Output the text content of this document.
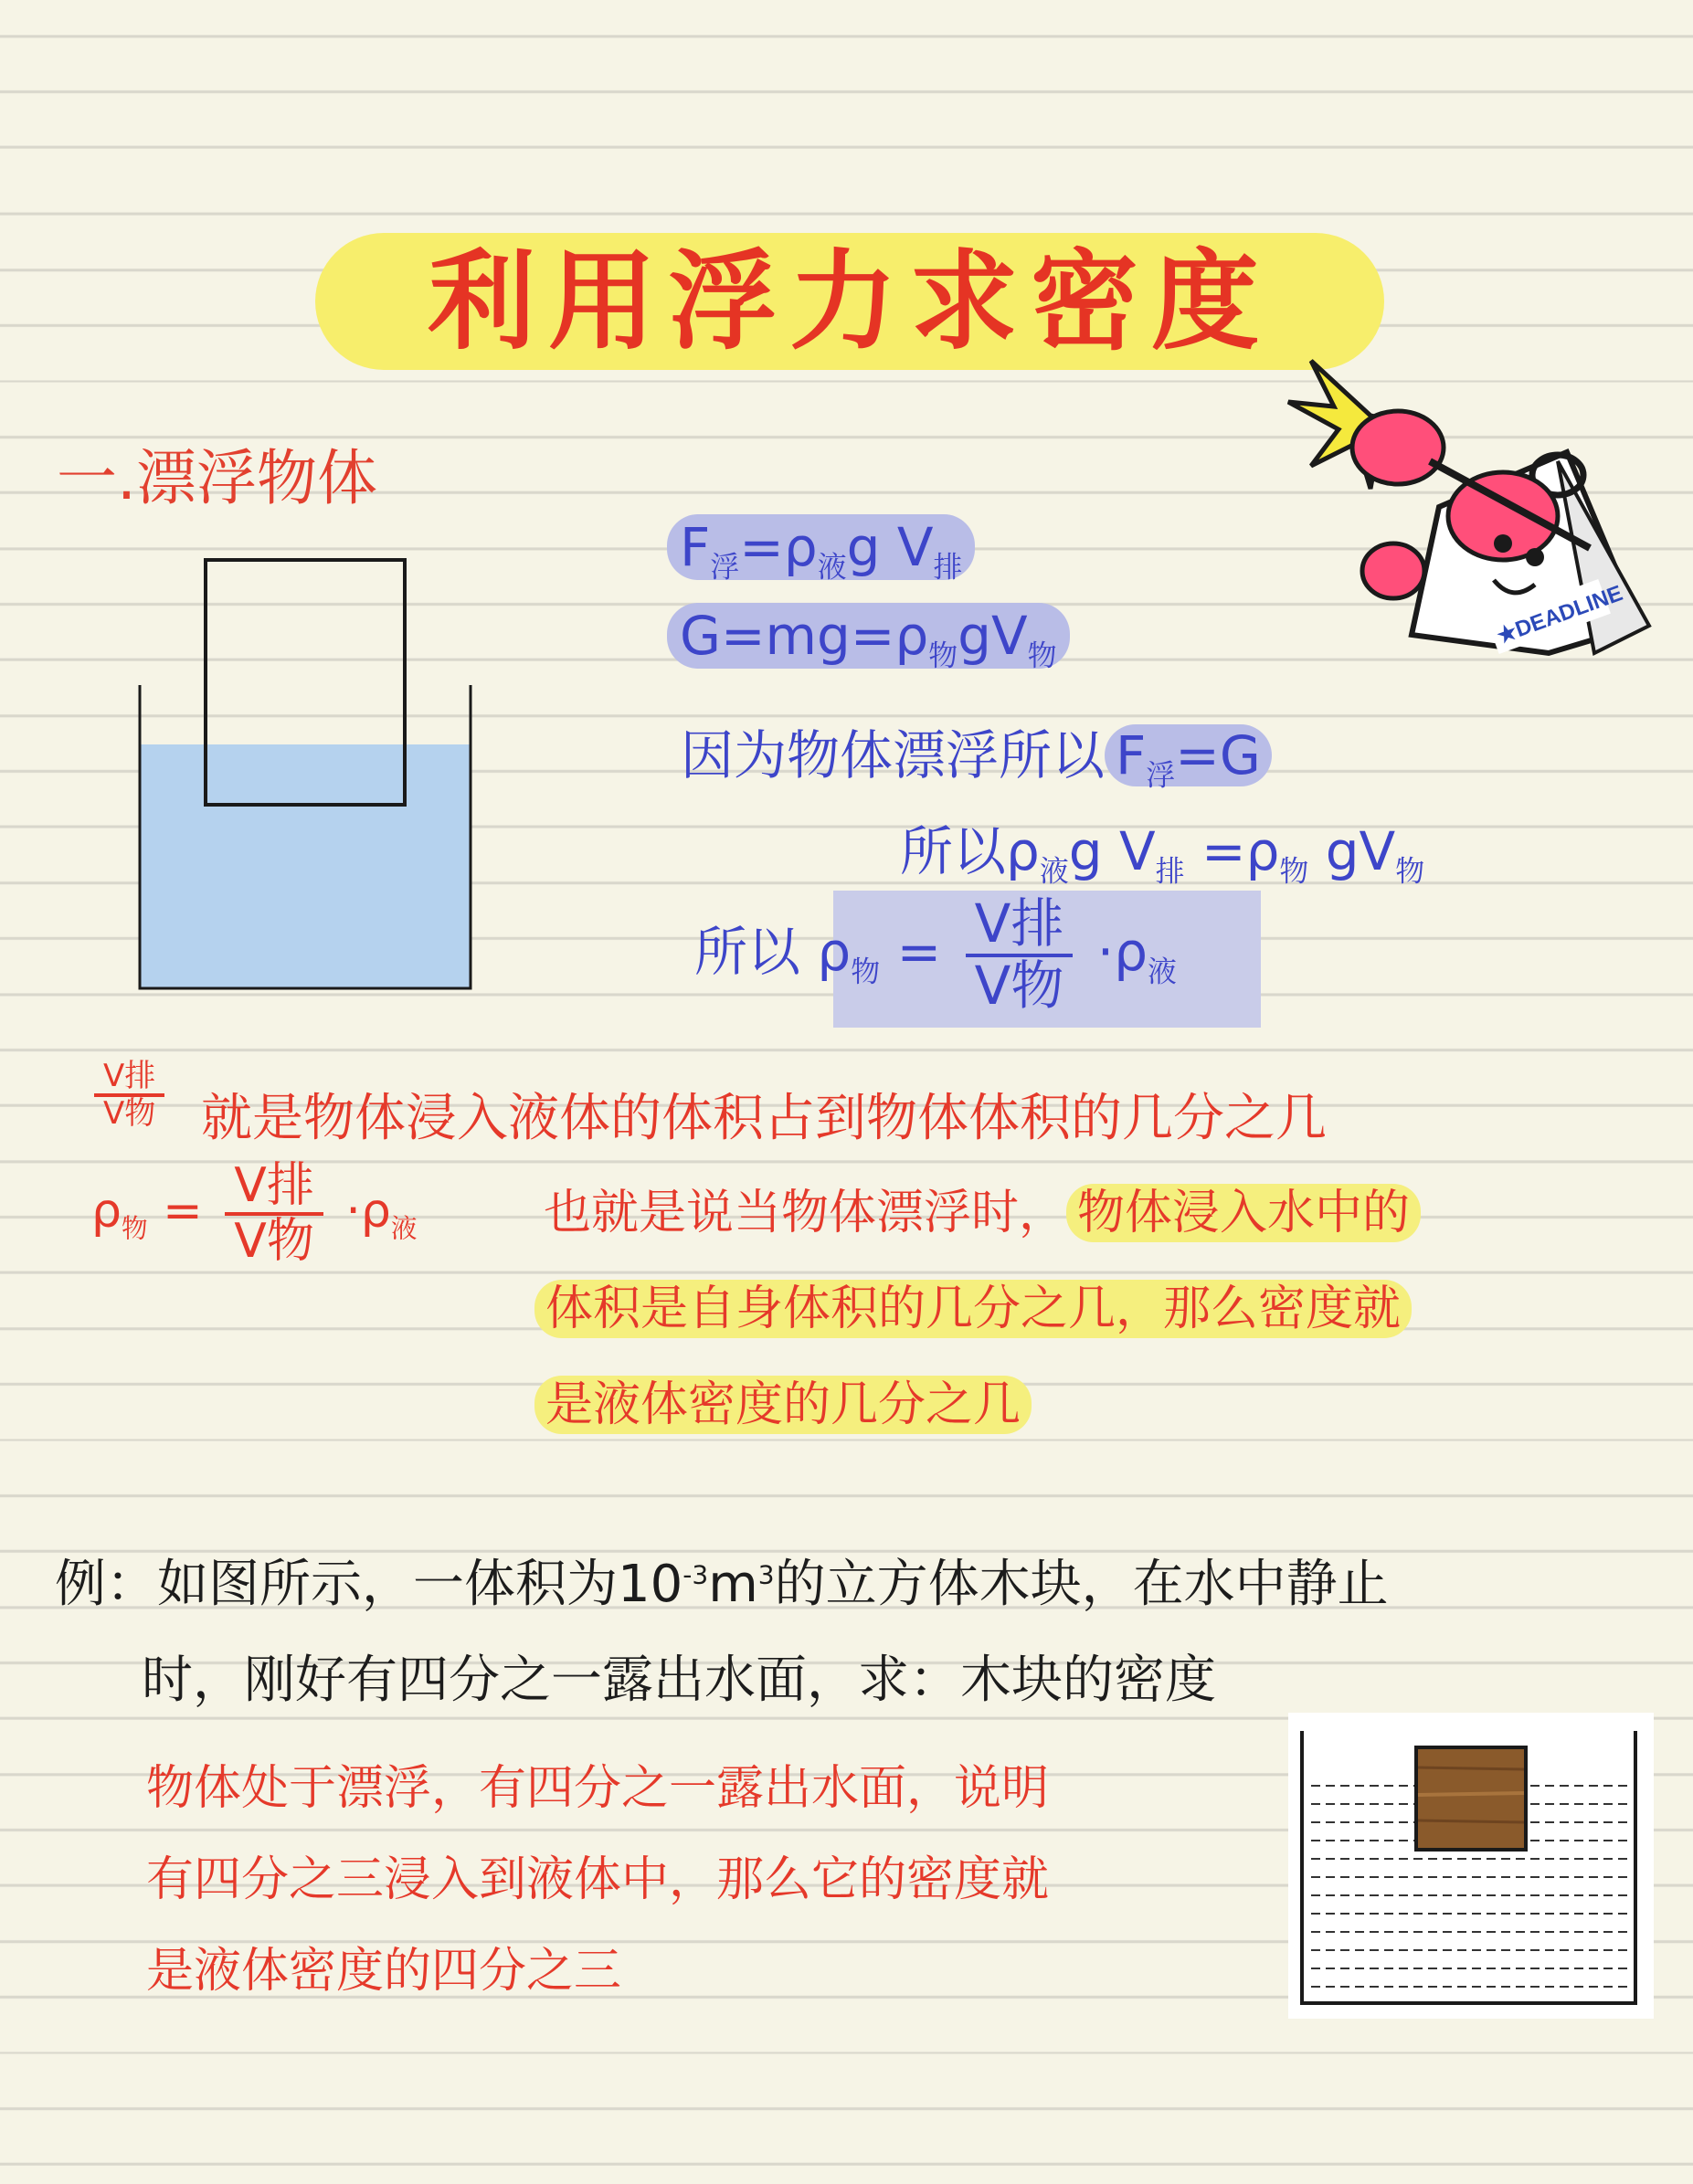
利用浮力求密度
一.漂浮物体
★DEADLINE
$F_浮=\rho_液g$ $V_排$
$G=mg=\rho_物gV_物$
因为物体漂浮所以 $F_浮=G$
所以$\rho_液g$ $V_排 =\rho_物$ $gV_物$
所以 $\rho_物 = \frac{\text{V排}}{\text{V物}} \cdot\rho_液$
$\frac{\text{V排}}{\text{V物}}$ 就是物体浸入液体的体积占到物体体积的几分之几
$\rho_物 = \frac{\text{V排}}{\text{V物}} \cdot\rho_液$	也就是说当物体漂浮时， 物体浸入水中的
体积是自身体积的几分之几，那么密度就
是液体密度的几分之几
例：如图所示，一体积为$10^{-3}m^3$的立方体木块，在水中静止
时，刚好有四分之一露出水面，求：木块的密度
物体处于漂浮，有四分之一露出水面，说明
有四分之三浸入到液体中，那么它的密度就
是液体密度的四分之三
